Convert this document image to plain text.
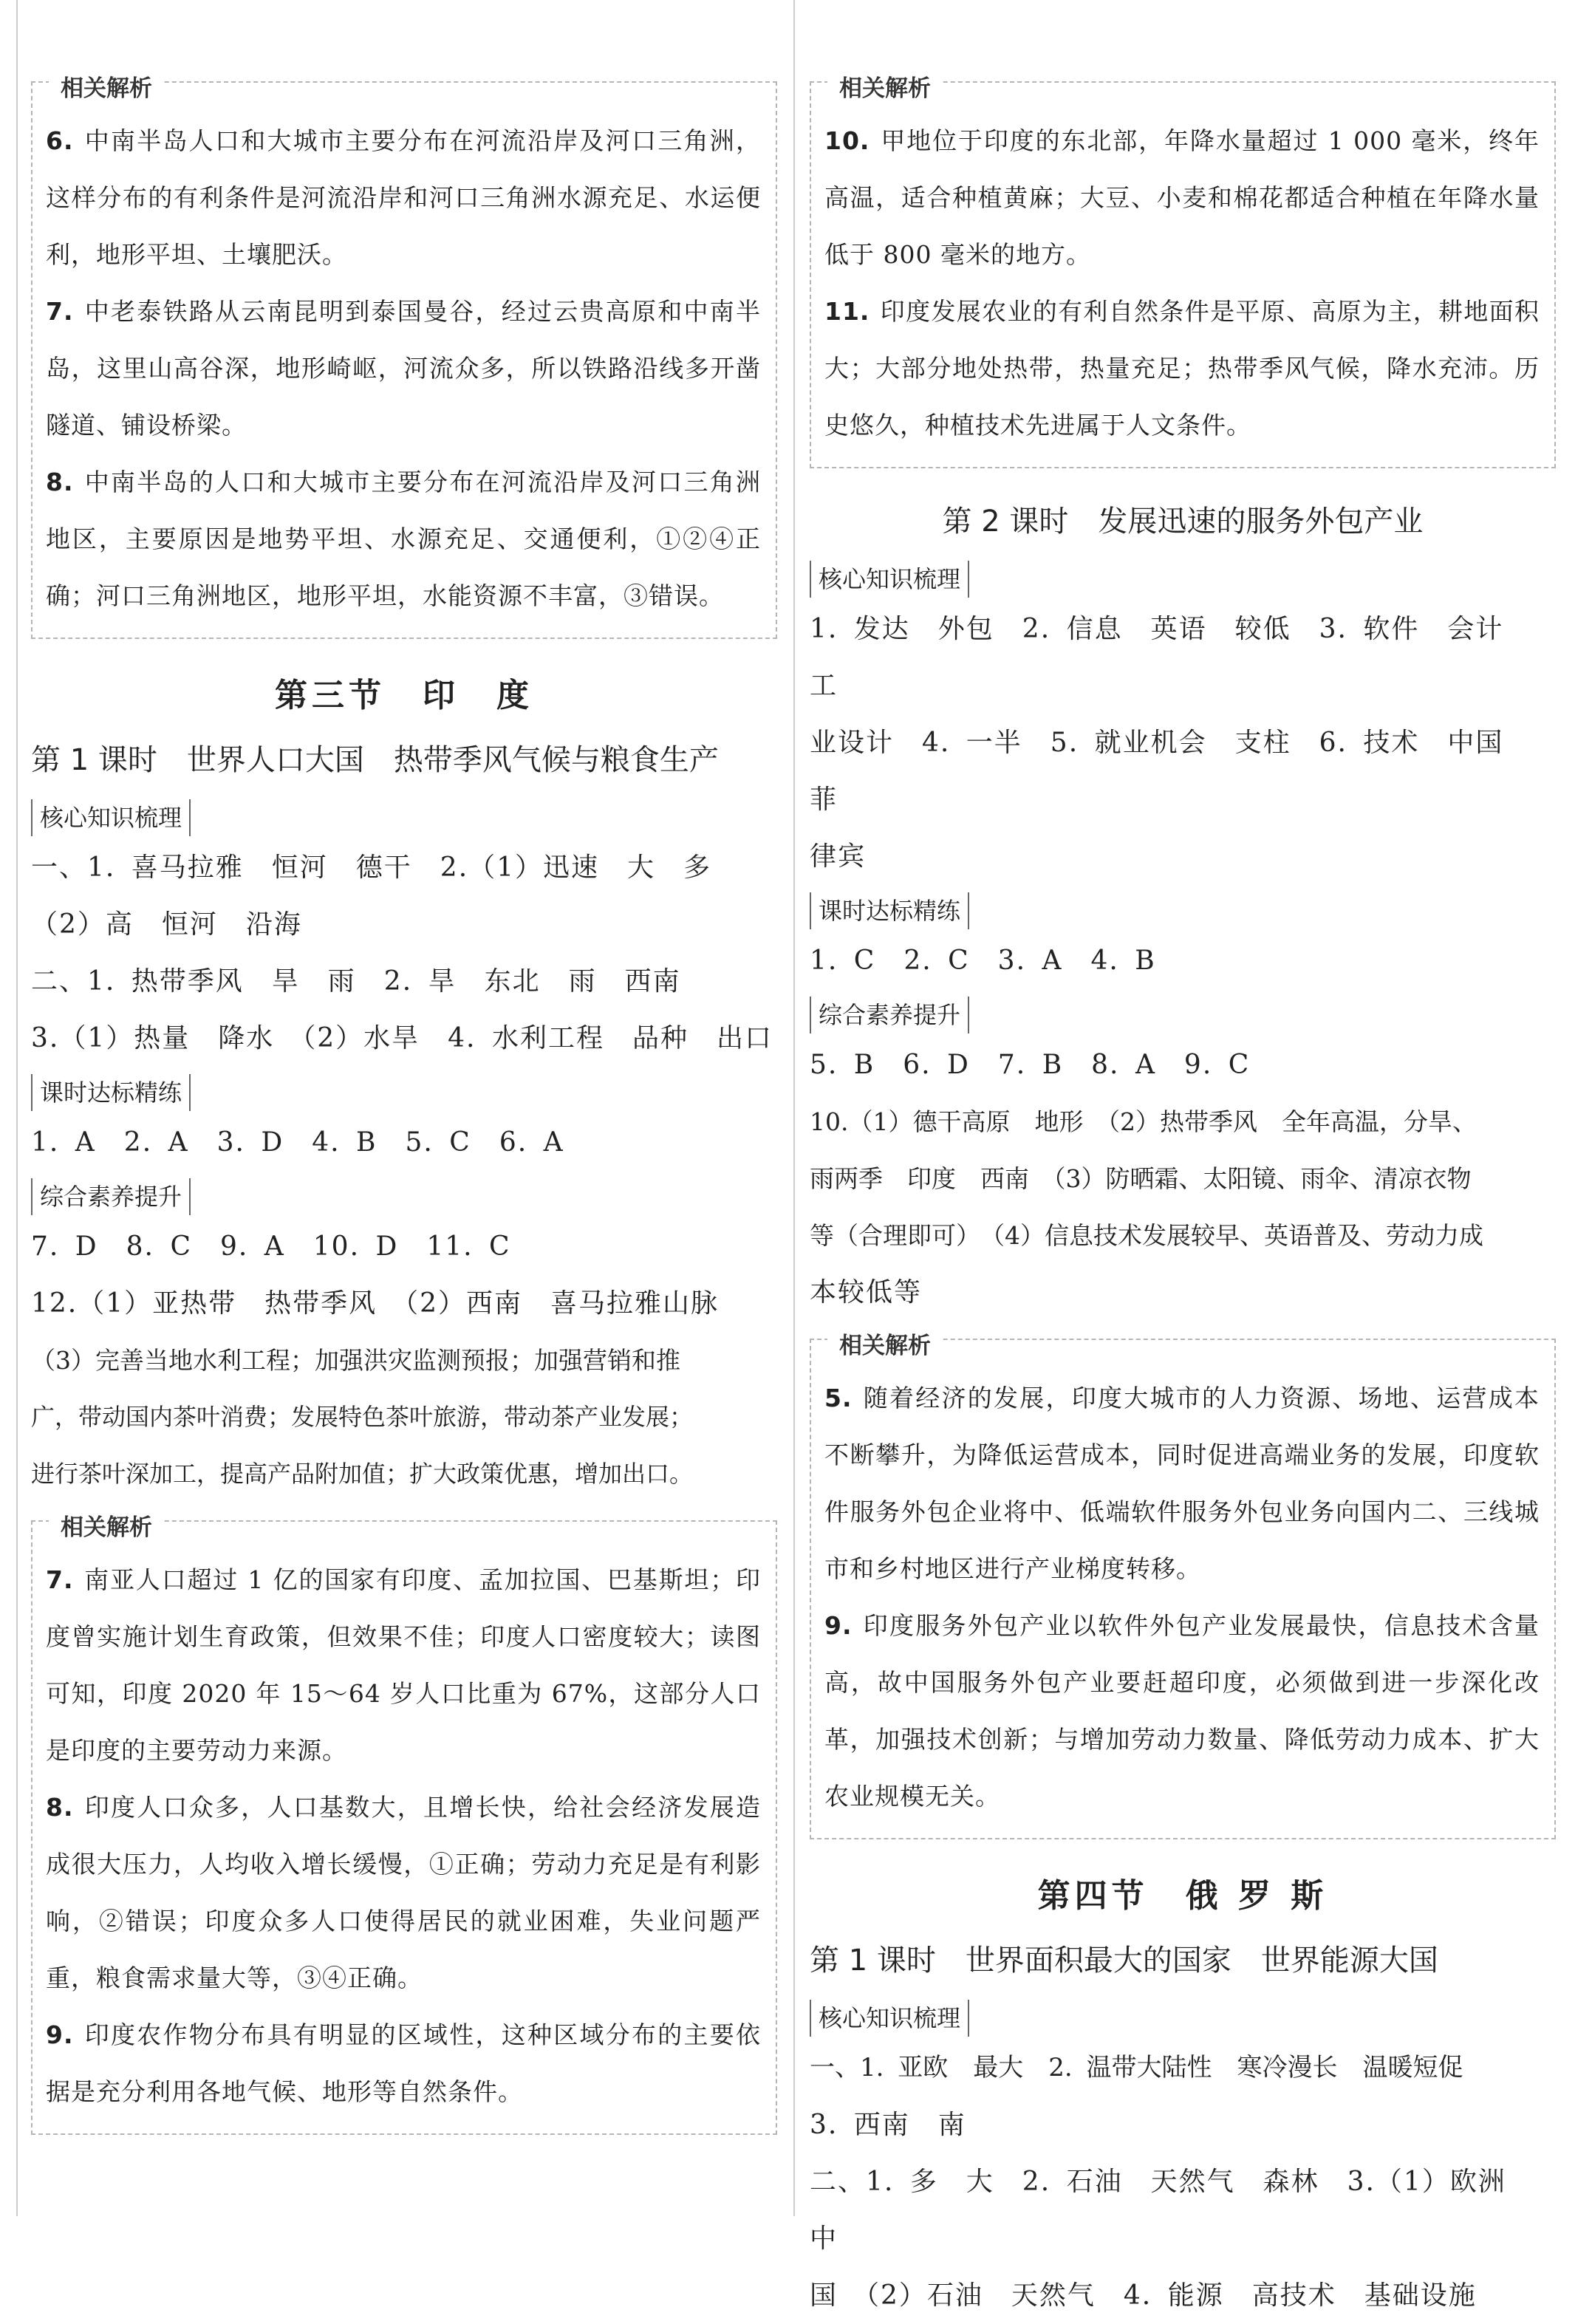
相关解析

6. 中南半岛人口和大城市主要分布在河流沿岸及河口三角洲，这样分布的有利条件是河流沿岸和河口三角洲水源充足、水运便利，地形平坦、土壤肥沃。

7. 中老泰铁路从云南昆明到泰国曼谷，经过云贵高原和中南半岛，这里山高谷深，地形崎岖，河流众多，所以铁路沿线多开凿隧道、铺设桥梁。

8. 中南半岛的人口和大城市主要分布在河流沿岸及河口三角洲地区，主要原因是地势平坦、水源充足、交通便利，①②④正确；河口三角洲地区，地形平坦，水能资源不丰富，③错误。

第三节　印　度
第 1 课时　世界人口大国　热带季风气候与粮食生产
核心知识梳理

一、1. 喜马拉雅　恒河　德干　2.（1）迅速　大　多

（2）高　恒河　沿海

二、1. 热带季风　旱　雨　2. 旱　东北　雨　西南

3.（1）热量　降水　（2）水旱　4. 水利工程　品种　出口

课时达标精练

1. A　2. A　3. D　4. B　5. C　6. A

综合素养提升

7. D　8. C　9. A　10. D　11. C

12.（1）亚热带　热带季风　（2）西南　喜马拉雅山脉

（3）完善当地水利工程；加强洪灾监测预报；加强营销和推

广，带动国内茶叶消费；发展特色茶叶旅游，带动茶产业发展；

进行茶叶深加工，提高产品附加值；扩大政策优惠，增加出口。

相关解析

7. 南亚人口超过 1 亿的国家有印度、孟加拉国、巴基斯坦；印度曾实施计划生育政策，但效果不佳；印度人口密度较大；读图可知，印度 2020 年 15～64 岁人口比重为 67%，这部分人口是印度的主要劳动力来源。

8. 印度人口众多，人口基数大，且增长快，给社会经济发展造成很大压力，人均收入增长缓慢，①正确；劳动力充足是有利影响，②错误；印度众多人口使得居民的就业困难，失业问题严重，粮食需求量大等，③④正确。

9. 印度农作物分布具有明显的区域性，这种区域分布的主要依据是充分利用各地气候、地形等自然条件。

相关解析

10. 甲地位于印度的东北部，年降水量超过 1 000 毫米，终年高温，适合种植黄麻；大豆、小麦和棉花都适合种植在年降水量低于 800 毫米的地方。

11. 印度发展农业的有利自然条件是平原、高原为主，耕地面积大；大部分地处热带，热量充足；热带季风气候，降水充沛。历史悠久，种植技术先进属于人文条件。

第 2 课时　发展迅速的服务外包产业
核心知识梳理

1. 发达　外包　2. 信息　英语　较低　3. 软件　会计　工

业设计　4. 一半　5. 就业机会　支柱　6. 技术　中国　菲

律宾

课时达标精练

1. C　2. C　3. A　4. B

综合素养提升

5. B　6. D　7. B　8. A　9. C

10.（1）德干高原　地形　（2）热带季风　全年高温，分旱、

雨两季　印度　西南　（3）防晒霜、太阳镜、雨伞、清凉衣物

等（合理即可）　（4）信息技术发展较早、英语普及、劳动力成

本较低等

相关解析

5. 随着经济的发展，印度大城市的人力资源、场地、运营成本不断攀升，为降低运营成本，同时促进高端业务的发展，印度软件服务外包企业将中、低端软件服务外包业务向国内二、三线城市和乡村地区进行产业梯度转移。

9. 印度服务外包产业以软件外包产业发展最快，信息技术含量高，故中国服务外包产业要赶超印度，必须做到进一步深化改革，加强技术创新；与增加劳动力数量、降低劳动力成本、扩大农业规模无关。

第四节　俄 罗 斯
第 1 课时　世界面积最大的国家　世界能源大国
核心知识梳理

一、1. 亚欧　最大　2. 温带大陆性　寒冷漫长　温暖短促

3. 西南　南

二、1. 多　大　2. 石油　天然气　森林　3.（1）欧洲　中

国　（2）石油　天然气　4. 能源　高技术　基础设施
